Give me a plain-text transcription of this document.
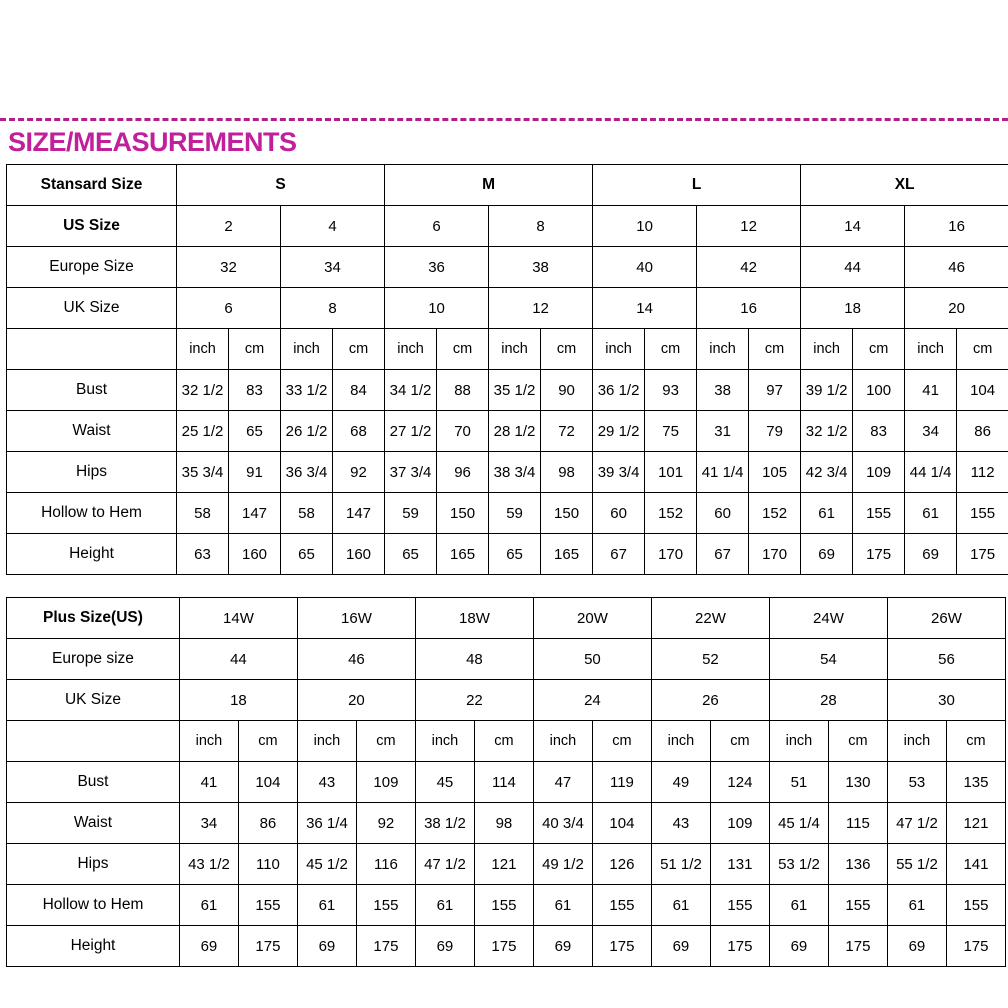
SIZE/MEASUREMENTS
Stansard Size	S				M				L				XL			
US Size	2		4		6		8		10		12		14		16	
Europe Size	32		34		36		38		40		42		44		46	
UK Size	6		8		10		12		14		16		18		20	
	inch	cm	inch	cm	inch	cm	inch	cm	inch	cm	inch	cm	inch	cm	inch	cm
Bust	32 1/2	83	33 1/2	84	34 1/2	88	35 1/2	90	36 1/2	93	38	97	39 1/2	100	41	104
Waist	25 1/2	65	26 1/2	68	27 1/2	70	28 1/2	72	29 1/2	75	31	79	32 1/2	83	34	86
Hips	35 3/4	91	36 3/4	92	37 3/4	96	38 3/4	98	39 3/4	101	41 1/4	105	42 3/4	109	44 1/4	112
Hollow to Hem	58	147	58	147	59	150	59	150	60	152	60	152	61	155	61	155
Height	63	160	65	160	65	165	65	165	67	170	67	170	69	175	69	175
Plus Size(US)	14W		16W		18W		20W		22W		24W		26W	
Europe size	44		46		48		50		52		54		56	
UK Size	18		20		22		24		26		28		30	
	inch	cm	inch	cm	inch	cm	inch	cm	inch	cm	inch	cm	inch	cm
Bust	41	104	43	109	45	114	47	119	49	124	51	130	53	135
Waist	34	86	36 1/4	92	38 1/2	98	40 3/4	104	43	109	45 1/4	115	47 1/2	121
Hips	43 1/2	110	45 1/2	116	47 1/2	121	49 1/2	126	51 1/2	131	53 1/2	136	55 1/2	141
Hollow to Hem	61	155	61	155	61	155	61	155	61	155	61	155	61	155
Height	69	175	69	175	69	175	69	175	69	175	69	175	69	175
